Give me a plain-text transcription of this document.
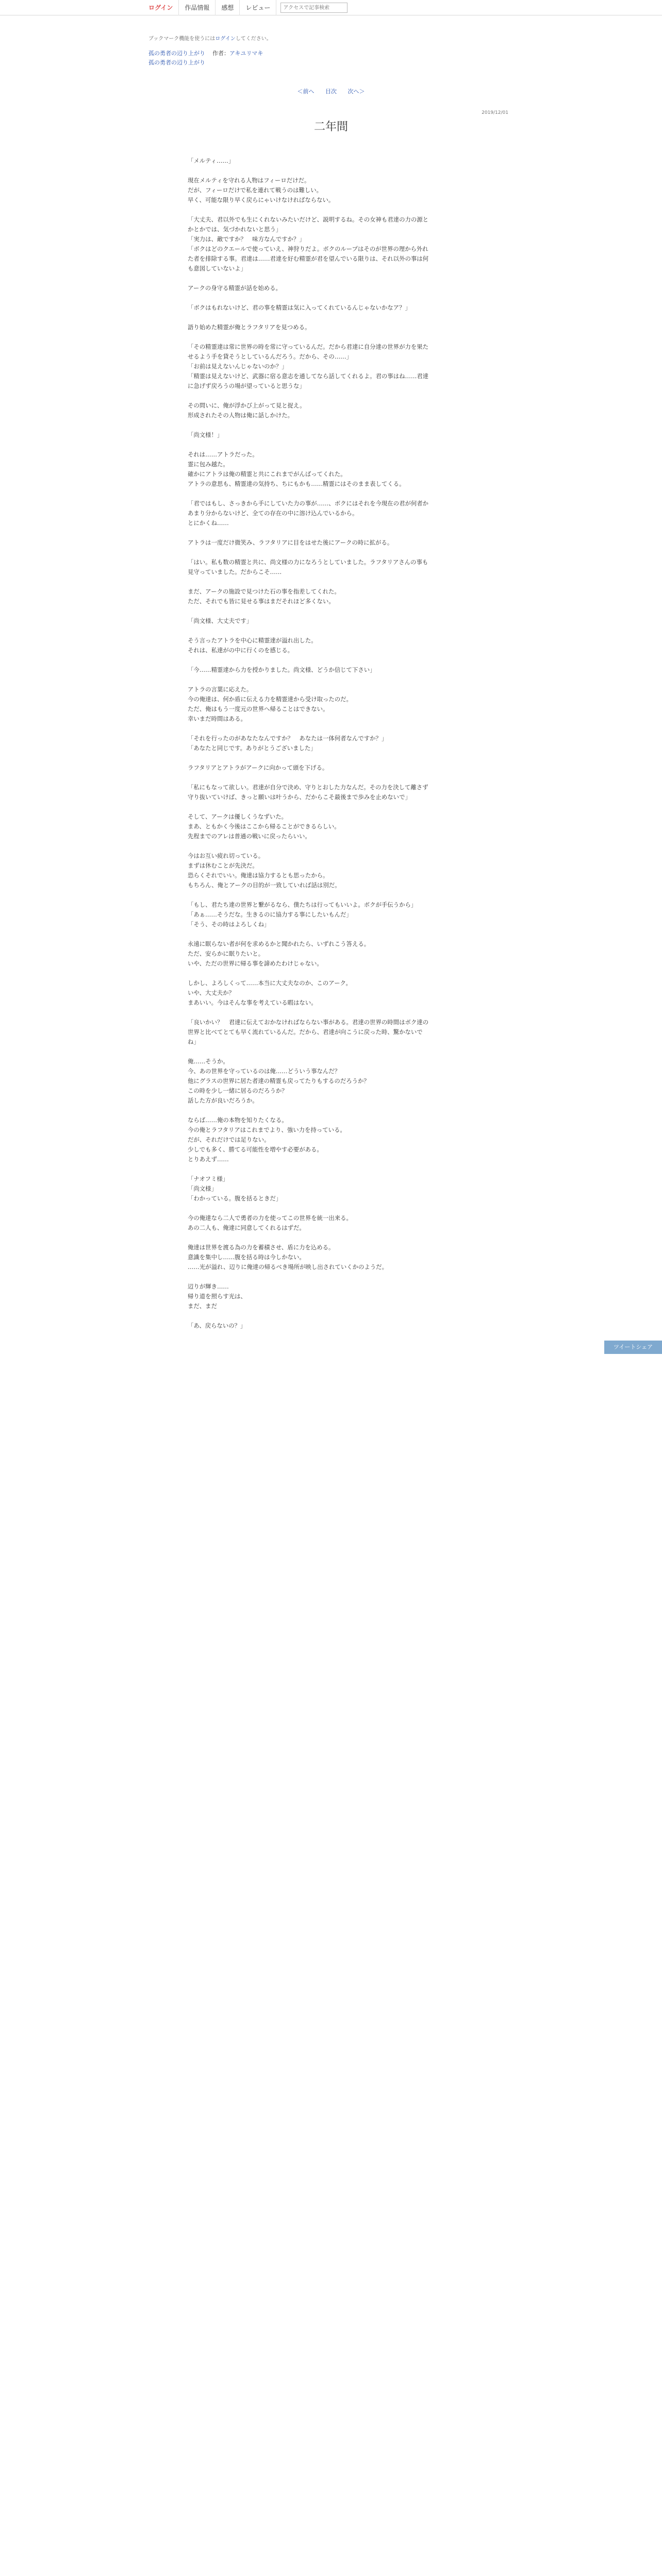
ログイン	作品情報	感想	レビュー
アクセスで記事検索
ブックマーク機能を使うにはログインしてください。
孤の勇者の辺り上がり 作者：アキユリマキ
孤の勇者の辺り上がり
＜前へ 目次 次へ＞
2019/12/01
二年間

「メルティ……」

現在メルティを守れる人物はフィーロだけだ。

だが、フィーロだけで私を連れて戦うのは難しい。

早く、可能な限り早く戻らにゃいけなければならない。

「大丈夫、君以外でも生にくれないみたいだけど、説明するね。その女神も君達の力の源とかとかでは、気づかれないと思う」

「実力は、敵ですか？　味方なんですか？」

「ボクはどのクエールで使っていえ、神狩りだよ。ボクのループはそのが世界の理から外れた者を排除する事。君達は……君達を好む精霊が君を望んでいる限りは、それ以外の事は何も意図していないよ」

アークの身守る精霊が話を始める。

「ボクはもれないけど、君の事を精霊は気に入ってくれているんじゃないかなア？」

語り始めた精霊が俺とラフタリアを見つめる。

「その精霊達は常に世界の時を常に守っているんだ。だから君達に自分達の世界が力を果たせるよう手を貸そうとしているんだろう。だから、その……」

「お前は見えないんじゃないのか？」

「精霊は見えないけど、武器に宿る意志を通してなら話してくれるよ。君の事はね……君達に急げず戻ろうの場が望っていると思うな」

その問いに、俺が浮かび上がって見と捉え。

形成されたその人物は俺に話しかけた。

「尚文様！」

それは……アトラだった。

霊に包み越た。

確かにアトラは俺の精霊と共にこれまでがんばってくれた。

アトラの意思も、精霊達の気持ち、ちにもかも……精霊にはそのまま表してくる。

「君ではもし、さっきから手にしていた力の事が……、ボクにはそれを今現在の君が何者かあまり分からないけど、全ての存在の中に溶け込んでいるから。

とにかくね……

アトラは一度だけ微笑み、ラフタリアに目をはせた後にアークの時に拡がる。

「はい。私も数の精霊と共に、尚文様の力になろうとしていました。ラフタリアさんの事も見守っていました。だからこそ……

まだ、アークの施設で見つけた石の事を指差してくれた。

ただ、それでも皆に見せる事はまだそれほど多くない。

「尚文様、大丈夫です」

そう言ったアトラを中心に精霊達が溢れ出した。

それは、私達がの中に行くのを感じる。

「今……精霊達から力を授かりました。尚文様、どうか信じて下さい」

アトラの言葉に応えた。

今の俺達は、何か盾に伝える力を精霊達から受け取ったのだ。

ただ、俺はもう一度元の世界へ帰ることはできない。

幸いまだ時間はある。

「それを行ったのがあなたなんですか？　あなたは一体何者なんですか？」

「あなたと同じです。ありがとうございました」

ラフタリアとアトラがアークに向かって頭を下げる。

「私にもなって欲しい。君達が自分で決め、守りとおした力なんだ。その力を決して離さず守り抜いていけば、きっと願いは叶うから、だからこそ最後まで歩みを止めないで」

そして、アークは優しくうなずいた。

まあ、ともかく今後はここから帰ることができるらしい。

先程までのアレは普通の戦いに戻ったらいい。

今はお互い疲れ切っている。

まずは休むことが先決だ。

恐らくそれでいい。俺達は協力するとも思ったから。

もちろん、俺とアークの目的が一致していれば話は別だ。

「もし、君たち達の世界と繋がるなら、僕たちは行ってもいいよ。ボクが手伝うから」

「あぁ……そうだな。生きるのに協力する事にしたいもんだ」

「そう、その時はよろしくね」

永遠に眠らない者が何を求めるかと聞かれたら、いずれこう答える。

ただ、安らかに眠りたいと。

いや、ただの世界に帰る事を諦めたわけじゃない。

しかし、よろしくって……本当に大丈夫なのか、このアーク。

いや、大丈夫か？

まあいい。今はそんな事を考えている暇はない。

「良いかい？　君達に伝えておかなければならない事がある。君達の世界の時間はボク達の世界と比べてとても早く流れているんだ。だから、君達が向こうに戻った時、驚かないでね」

俺……そうか。

今、あの世界を守っているのは俺……どういう事なんだ？

他にグラスの世界に居た者達の精霊も戻ってたりもするのだろうか？

この時を少し一緒に居るのだろうか？

話した方が良いだろうか。

ならば……俺の本物を知りたくなる。

今の俺とラフタリアはこれまでより、強い力を持っている。

だが、それだけでは足りない。

少しでも多く、勝てる可能性を増やす必要がある。

とりあえず……

「ナオフミ様」

「尚文様」

「わかっている。腹を括るときだ」

今の俺達なら二人で勇者の力を使ってこの世界を統一出来る。

あの二人も、俺達に同意してくれるはずだ。

俺達は世界を渡る為の力を蓄積させ、盾に力を込める。

意識を集中し……腹を括る時は今しかない。

……光が溢れ、辺りに俺達の帰るべき場所が映し出されていくかのようだ。

辺りが輝き……

帰り道を照らす光は、

まだ、まだ

「あ、戻らないの？」

ツイートシェア
